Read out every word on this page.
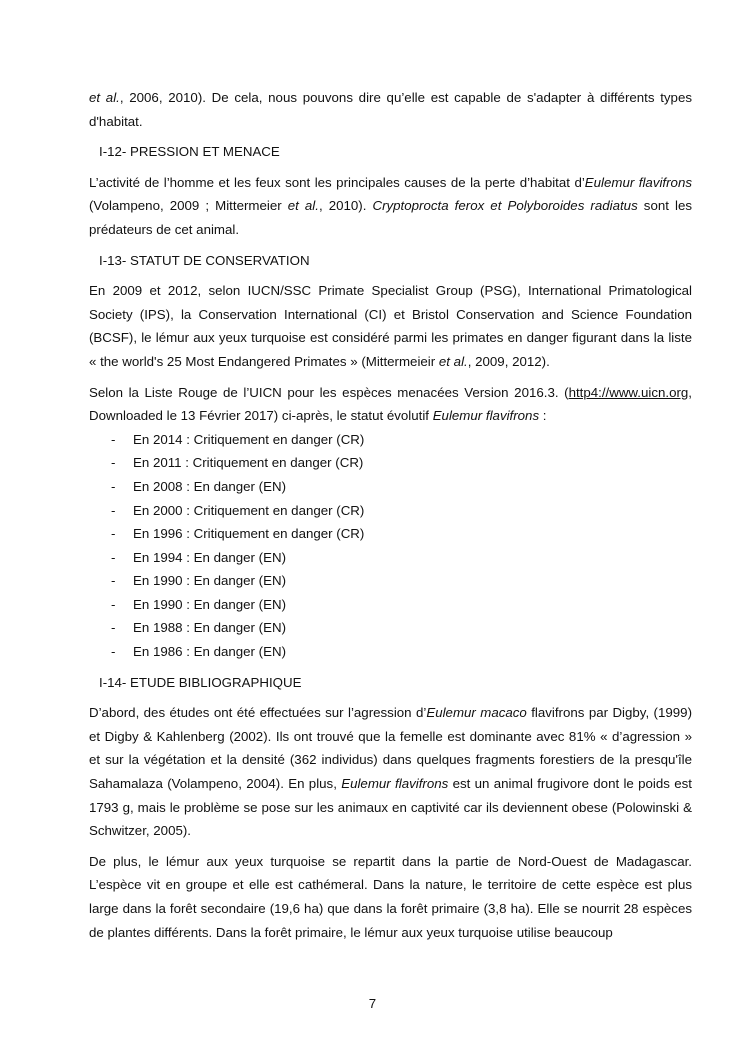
et al., 2006, 2010). De cela, nous pouvons dire qu’elle est capable de s'adapter à différents types d'habitat.

I-12- PRESSION ET MENACE

L’activité de l’homme et les feux sont les principales causes de la perte d’habitat d’Eulemur flavifrons (Volampeno, 2009 ; Mittermeier et al., 2010). Cryptoprocta ferox et Polyboroides radiatus sont les prédateurs de cet animal.

I-13- STATUT DE CONSERVATION

En 2009 et 2012, selon IUCN/SSC Primate Specialist Group (PSG), International Primatological Society (IPS), la Conservation International (CI) et Bristol Conservation and Science Foundation (BCSF), le lémur aux yeux turquoise est considéré parmi les primates en danger figurant dans la liste « the world's 25 Most Endangered Primates » (Mittermeieir et al., 2009, 2012).

Selon la Liste Rouge de l’UICN pour les espèces menacées Version 2016.3. (http4://www.uicn.org, Downloaded le 13 Février 2017) ci-après, le statut évolutif Eulemur flavifrons :

- En 2014 : Critiquement en danger (CR)
- En 2011 : Critiquement en danger (CR)
- En 2008 : En danger (EN)
- En 2000 : Critiquement en danger (CR)
- En 1996 : Critiquement en danger (CR)
- En 1994 : En danger (EN)
- En 1990 : En danger (EN)
- En 1990 : En danger (EN)
- En 1988 : En danger (EN)
- En 1986 : En danger (EN)
I-14- ETUDE BIBLIOGRAPHIQUE

D’abord, des études ont été effectuées sur l’agression d’Eulemur macaco flavifrons par Digby, (1999) et Digby & Kahlenberg (2002). Ils ont trouvé que la femelle est dominante avec 81% « d’agression » et sur la végétation et la densité (362 individus) dans quelques fragments forestiers de la presqu'île Sahamalaza (Volampeno, 2004). En plus, Eulemur flavifrons est un animal frugivore dont le poids est 1793 g, mais le problème se pose sur les animaux en captivité car ils deviennent obese (Polowinski & Schwitzer, 2005).

De plus, le lémur aux yeux turquoise se repartit dans la partie de Nord-Ouest de Madagascar. L’espèce vit en groupe et elle est cathémeral. Dans la nature, le territoire de cette espèce est plus large dans la forêt secondaire (19,6 ha) que dans la forêt primaire (3,8 ha). Elle se nourrit 28 espèces de plantes différents. Dans la forêt primaire, le lémur aux yeux turquoise utilise beaucoup

7
